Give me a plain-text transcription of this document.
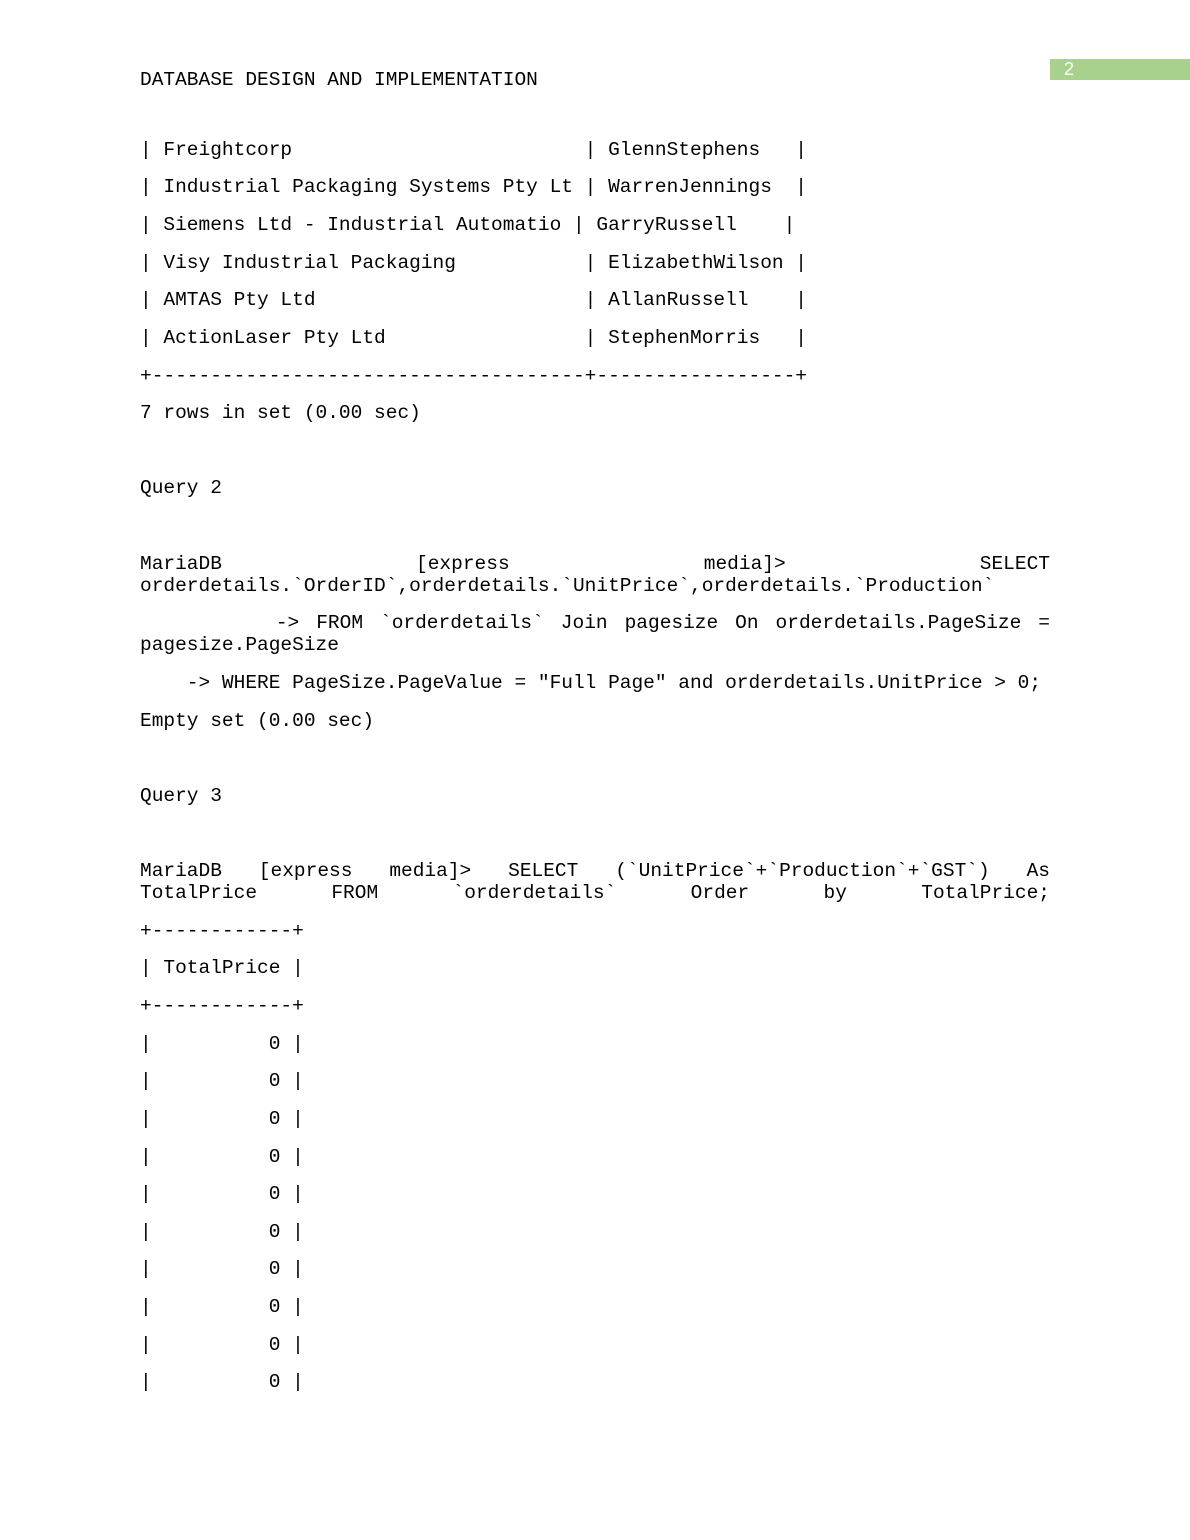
2
DATABASE DESIGN AND IMPLEMENTATION
| Freightcorp                         | GlennStephens   |
| Industrial Packaging Systems Pty Lt | WarrenJennings  |
| Siemens Ltd - Industrial Automatio | GarryRussell    |
| Visy Industrial Packaging           | ElizabethWilson |
| AMTAS Pty Ltd                       | AllanRussell    |
| ActionLaser Pty Ltd                 | StephenMorris   |
+-------------------------------------+-----------------+
7 rows in set (0.00 sec)
Query 2
MariaDB [express media]> SELECT orderdetails.`OrderID`,orderdetails.`UnitPrice`,orderdetails.`Production`
-> FROM `orderdetails` Join pagesize On orderdetails.PageSize = pagesize.PageSize
-> WHERE PageSize.PageValue = "Full Page" and orderdetails.UnitPrice > 0;
Empty set (0.00 sec)
Query 3
MariaDB [express media]> SELECT (`UnitPrice`+`Production`+`GST`) As TotalPrice FROM `orderdetails` Order by TotalPrice;
+------------+
| TotalPrice |
+------------+
|          0 |
|          0 |
|          0 |
|          0 |
|          0 |
|          0 |
|          0 |
|          0 |
|          0 |
|          0 |
